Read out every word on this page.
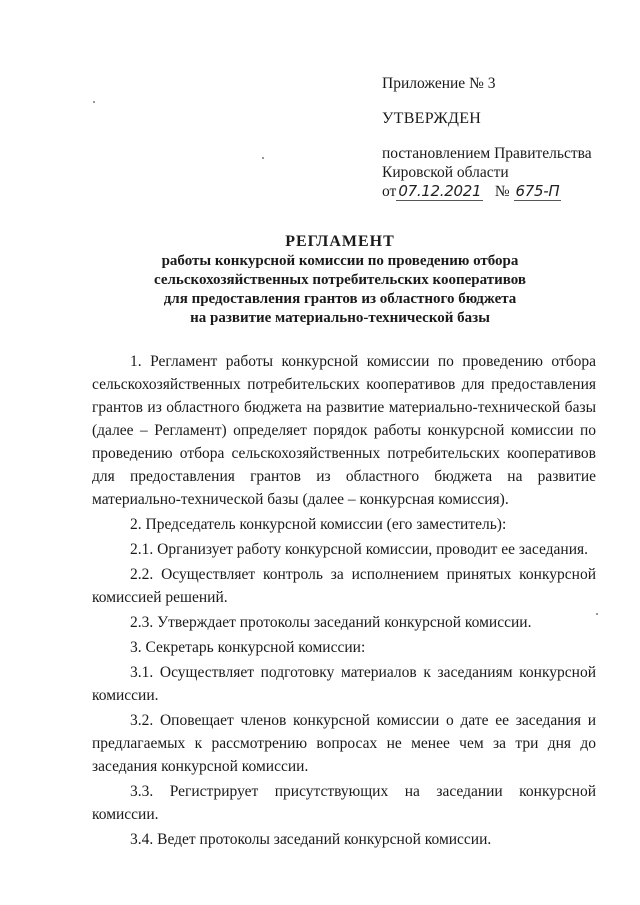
Приложение № 3
УТВЕРЖДЕН
постановлением Правительства
Кировской области
от 07.12.2021 № 675-П
РЕГЛАМЕНТ
работы конкурсной комиссии по проведению отбора
сельскохозяйственных потребительских кооперативов
для предоставления грантов из областного бюджета
на развитие материально-технической базы

1. Регламент работы конкурсной комиссии по проведению отбора сельскохозяйственных потребительских кооперативов для предоставления грантов из областного бюджета на развитие материально-технической базы (далее – Регламент) определяет порядок работы конкурсной комиссии по проведению отбора сельскохозяйственных потребительских кооперативов для предоставления грантов из областного бюджета на развитие материально-технической базы (далее – конкурсная комиссия).

2. Председатель конкурсной комиссии (его заместитель):

2.1. Организует работу конкурсной комиссии, проводит ее заседания.

2.2. Осуществляет контроль за исполнением принятых конкурсной комиссией решений.

2.3. Утверждает протоколы заседаний конкурсной комиссии.

3. Секретарь конкурсной комиссии:

3.1. Осуществляет подготовку материалов к заседаниям конкурсной комиссии.

3.2. Оповещает членов конкурсной комиссии о дате ее заседания и предлагаемых к рассмотрению вопросах не менее чем за три дня до заседания конкурсной комиссии.

3.3. Регистрирует присутствующих на заседании конкурсной комиссии.

3.4. Ведет протоколы заседаний конкурсной комиссии.
